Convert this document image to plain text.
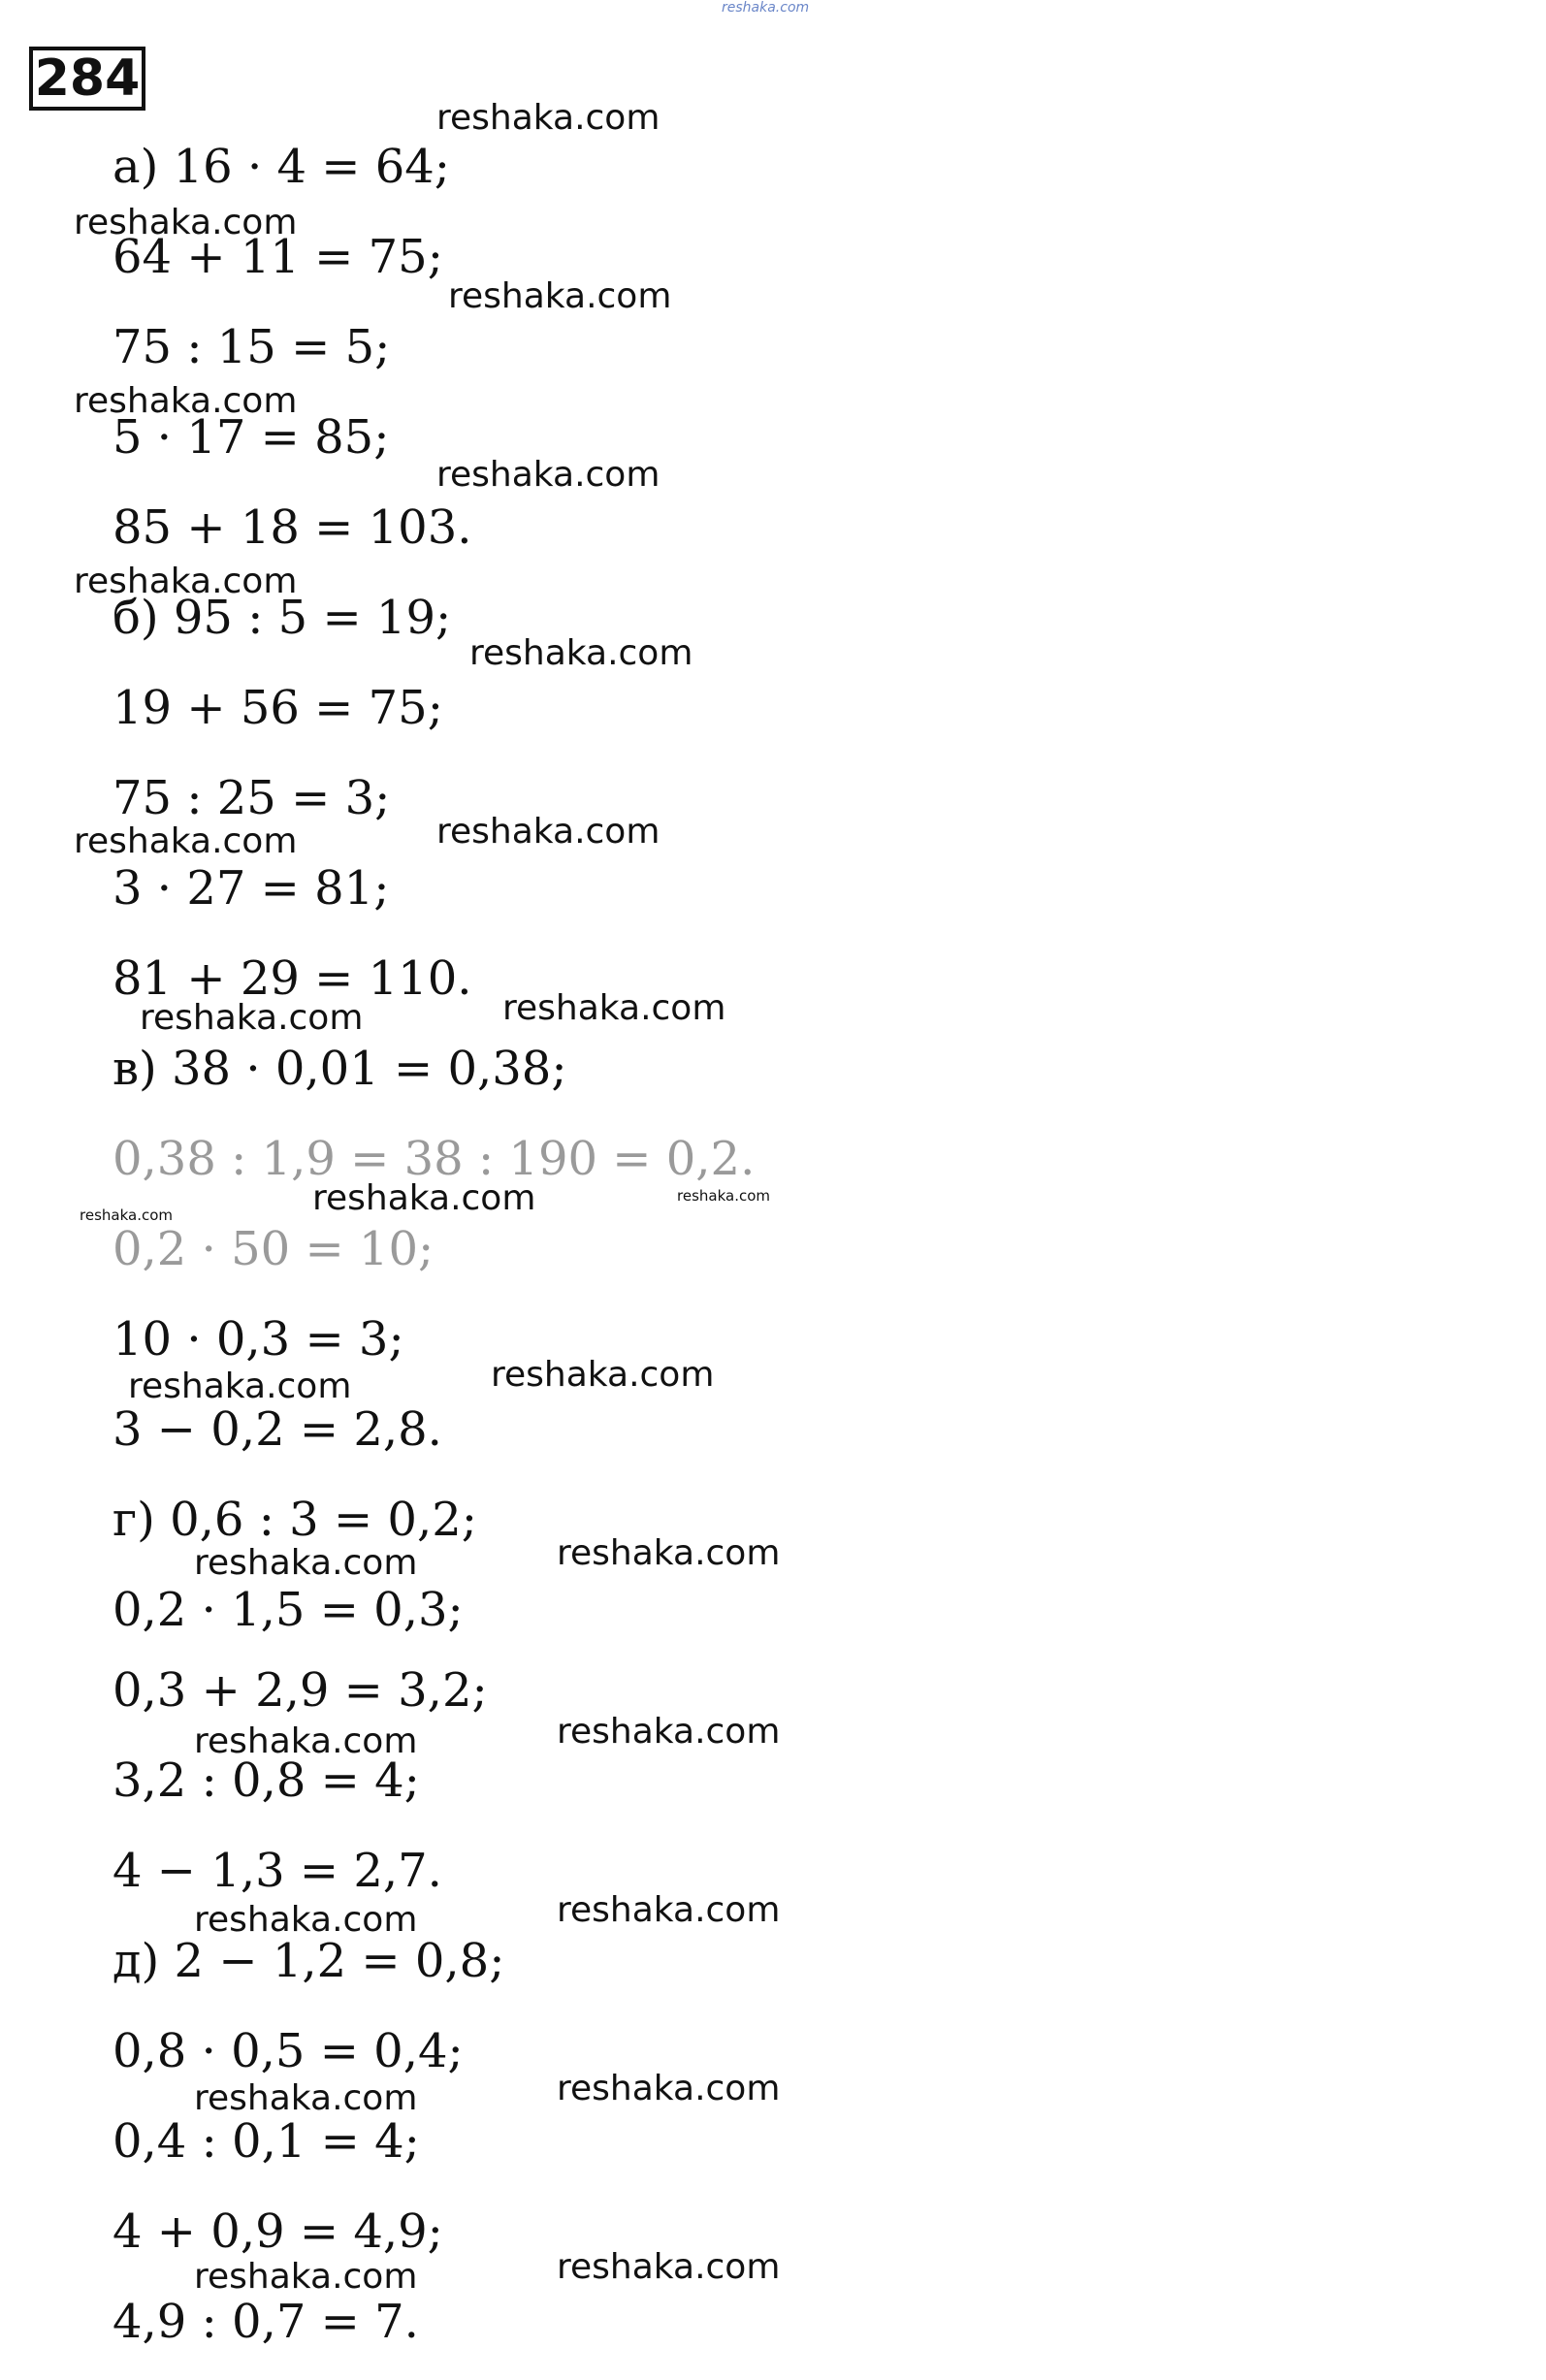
reshaka.com
284
а) 16 · 4 = 64;
64 + 11 = 75;
75 : 15 = 5;
5 · 17 = 85;
85 + 18 = 103.
б) 95 : 5 = 19;
19 + 56 = 75;
75 : 25 = 3;
3 · 27 = 81;
81 + 29 = 110.
в) 38 · 0,01 = 0,38;
0,38 : 1,9 = 38 : 190 = 0,2.
0,2 · 50 = 10;
10 · 0,3 = 3;
3 − 0,2 = 2,8.
г) 0,6 : 3 = 0,2;
0,2 · 1,5 = 0,3;
0,3 + 2,9 = 3,2;
3,2 : 0,8 = 4;
4 − 1,3 = 2,7.
д) 2 − 1,2 = 0,8;
0,8 · 0,5 = 0,4;
0,4 : 0,1 = 4;
4 + 0,9 = 4,9;
4,9 : 0,7 = 7.
reshaka.com
reshaka.com
reshaka.com
reshaka.com
reshaka.com
reshaka.com
reshaka.com
reshaka.com	reshaka.com
reshaka.com	reshaka.com
reshaka.com
reshaka.com
reshaka.com
reshaka.com	reshaka.com
reshaka.com	reshaka.com
reshaka.com	reshaka.com
reshaka.com	reshaka.com
reshaka.com	reshaka.com
reshaka.com	reshaka.com
